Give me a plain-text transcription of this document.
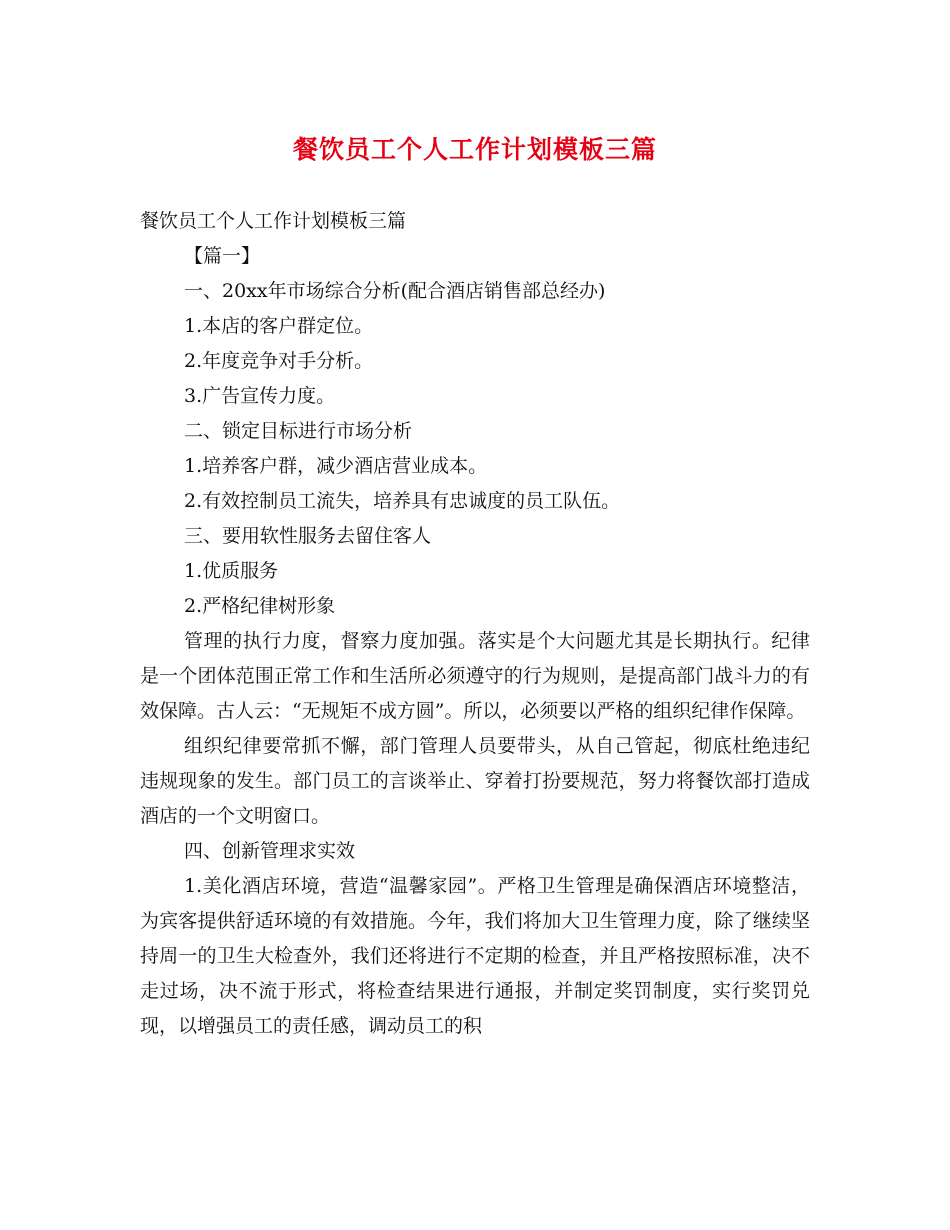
餐饮员工个人工作计划模板三篇

餐饮员工个人工作计划模板三篇

【篇一】

一、20xx年市场综合分析(配合酒店销售部总经办)

1.本店的客户群定位。

2.年度竞争对手分析。

3.广告宣传力度。

二、锁定目标进行市场分析

1.培养客户群，减少酒店营业成本。

2.有效控制员工流失，培养具有忠诚度的员工队伍。

三、要用软性服务去留住客人

1.优质服务

2.严格纪律树形象

管理的执行力度，督察力度加强。落实是个大问题尤其是长期执行。纪律是一个团体范围正常工作和生活所必须遵守的行为规则，是提高部门战斗力的有效保障。古人云：“无规矩不成方圆”。所以，必须要以严格的组织纪律作保障。

组织纪律要常抓不懈，部门管理人员要带头，从自己管起，彻底杜绝违纪违规现象的发生。部门员工的言谈举止、穿着打扮要规范，努力将餐饮部打造成酒店的一个文明窗口。

四、创新管理求实效

1.美化酒店环境，营造“温馨家园”。严格卫生管理是确保酒店环境整洁，为宾客提供舒适环境的有效措施。今年，我们将加大卫生管理力度，除了继续坚持周一的卫生大检查外，我们还将进行不定期的检查，并且严格按照标准，决不走过场，决不流于形式，将检查结果进行通报，并制定奖罚制度，实行奖罚兑现，以增强员工的责任感，调动员工的积
